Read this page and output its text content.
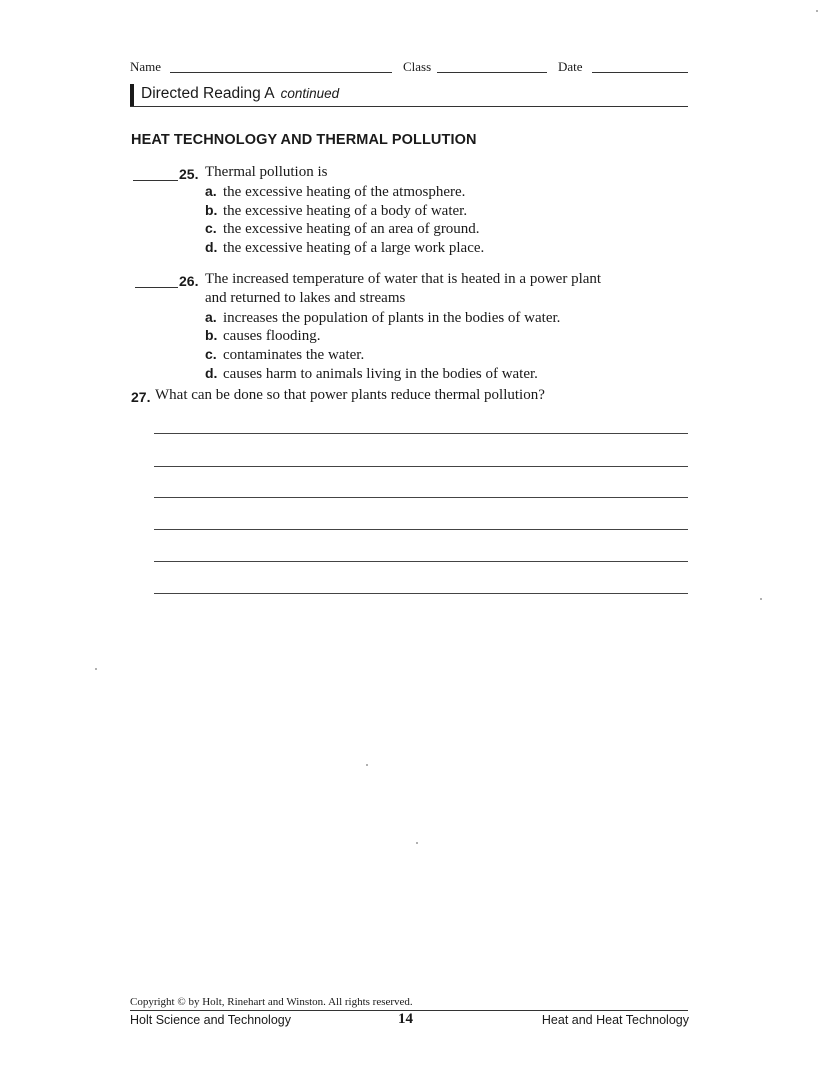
Name	Class	Date
Directed Reading A continued
HEAT TECHNOLOGY AND THERMAL POLLUTION
25. Thermal pollution is
a. the excessive heating of the atmosphere.
b. the excessive heating of a body of water.
c. the excessive heating of an area of ground.
d. the excessive heating of a large work place.
26. The increased temperature of water that is heated in a power plant
and returned to lakes and streams
a. increases the population of plants in the bodies of water.
b. causes flooding.
c. contaminates the water.
d. causes harm to animals living in the bodies of water.
27. What can be done so that power plants reduce thermal pollution?
Copyright © by Holt, Rinehart and Winston. All rights reserved.
Holt Science and Technology	14	Heat and Heat Technology
